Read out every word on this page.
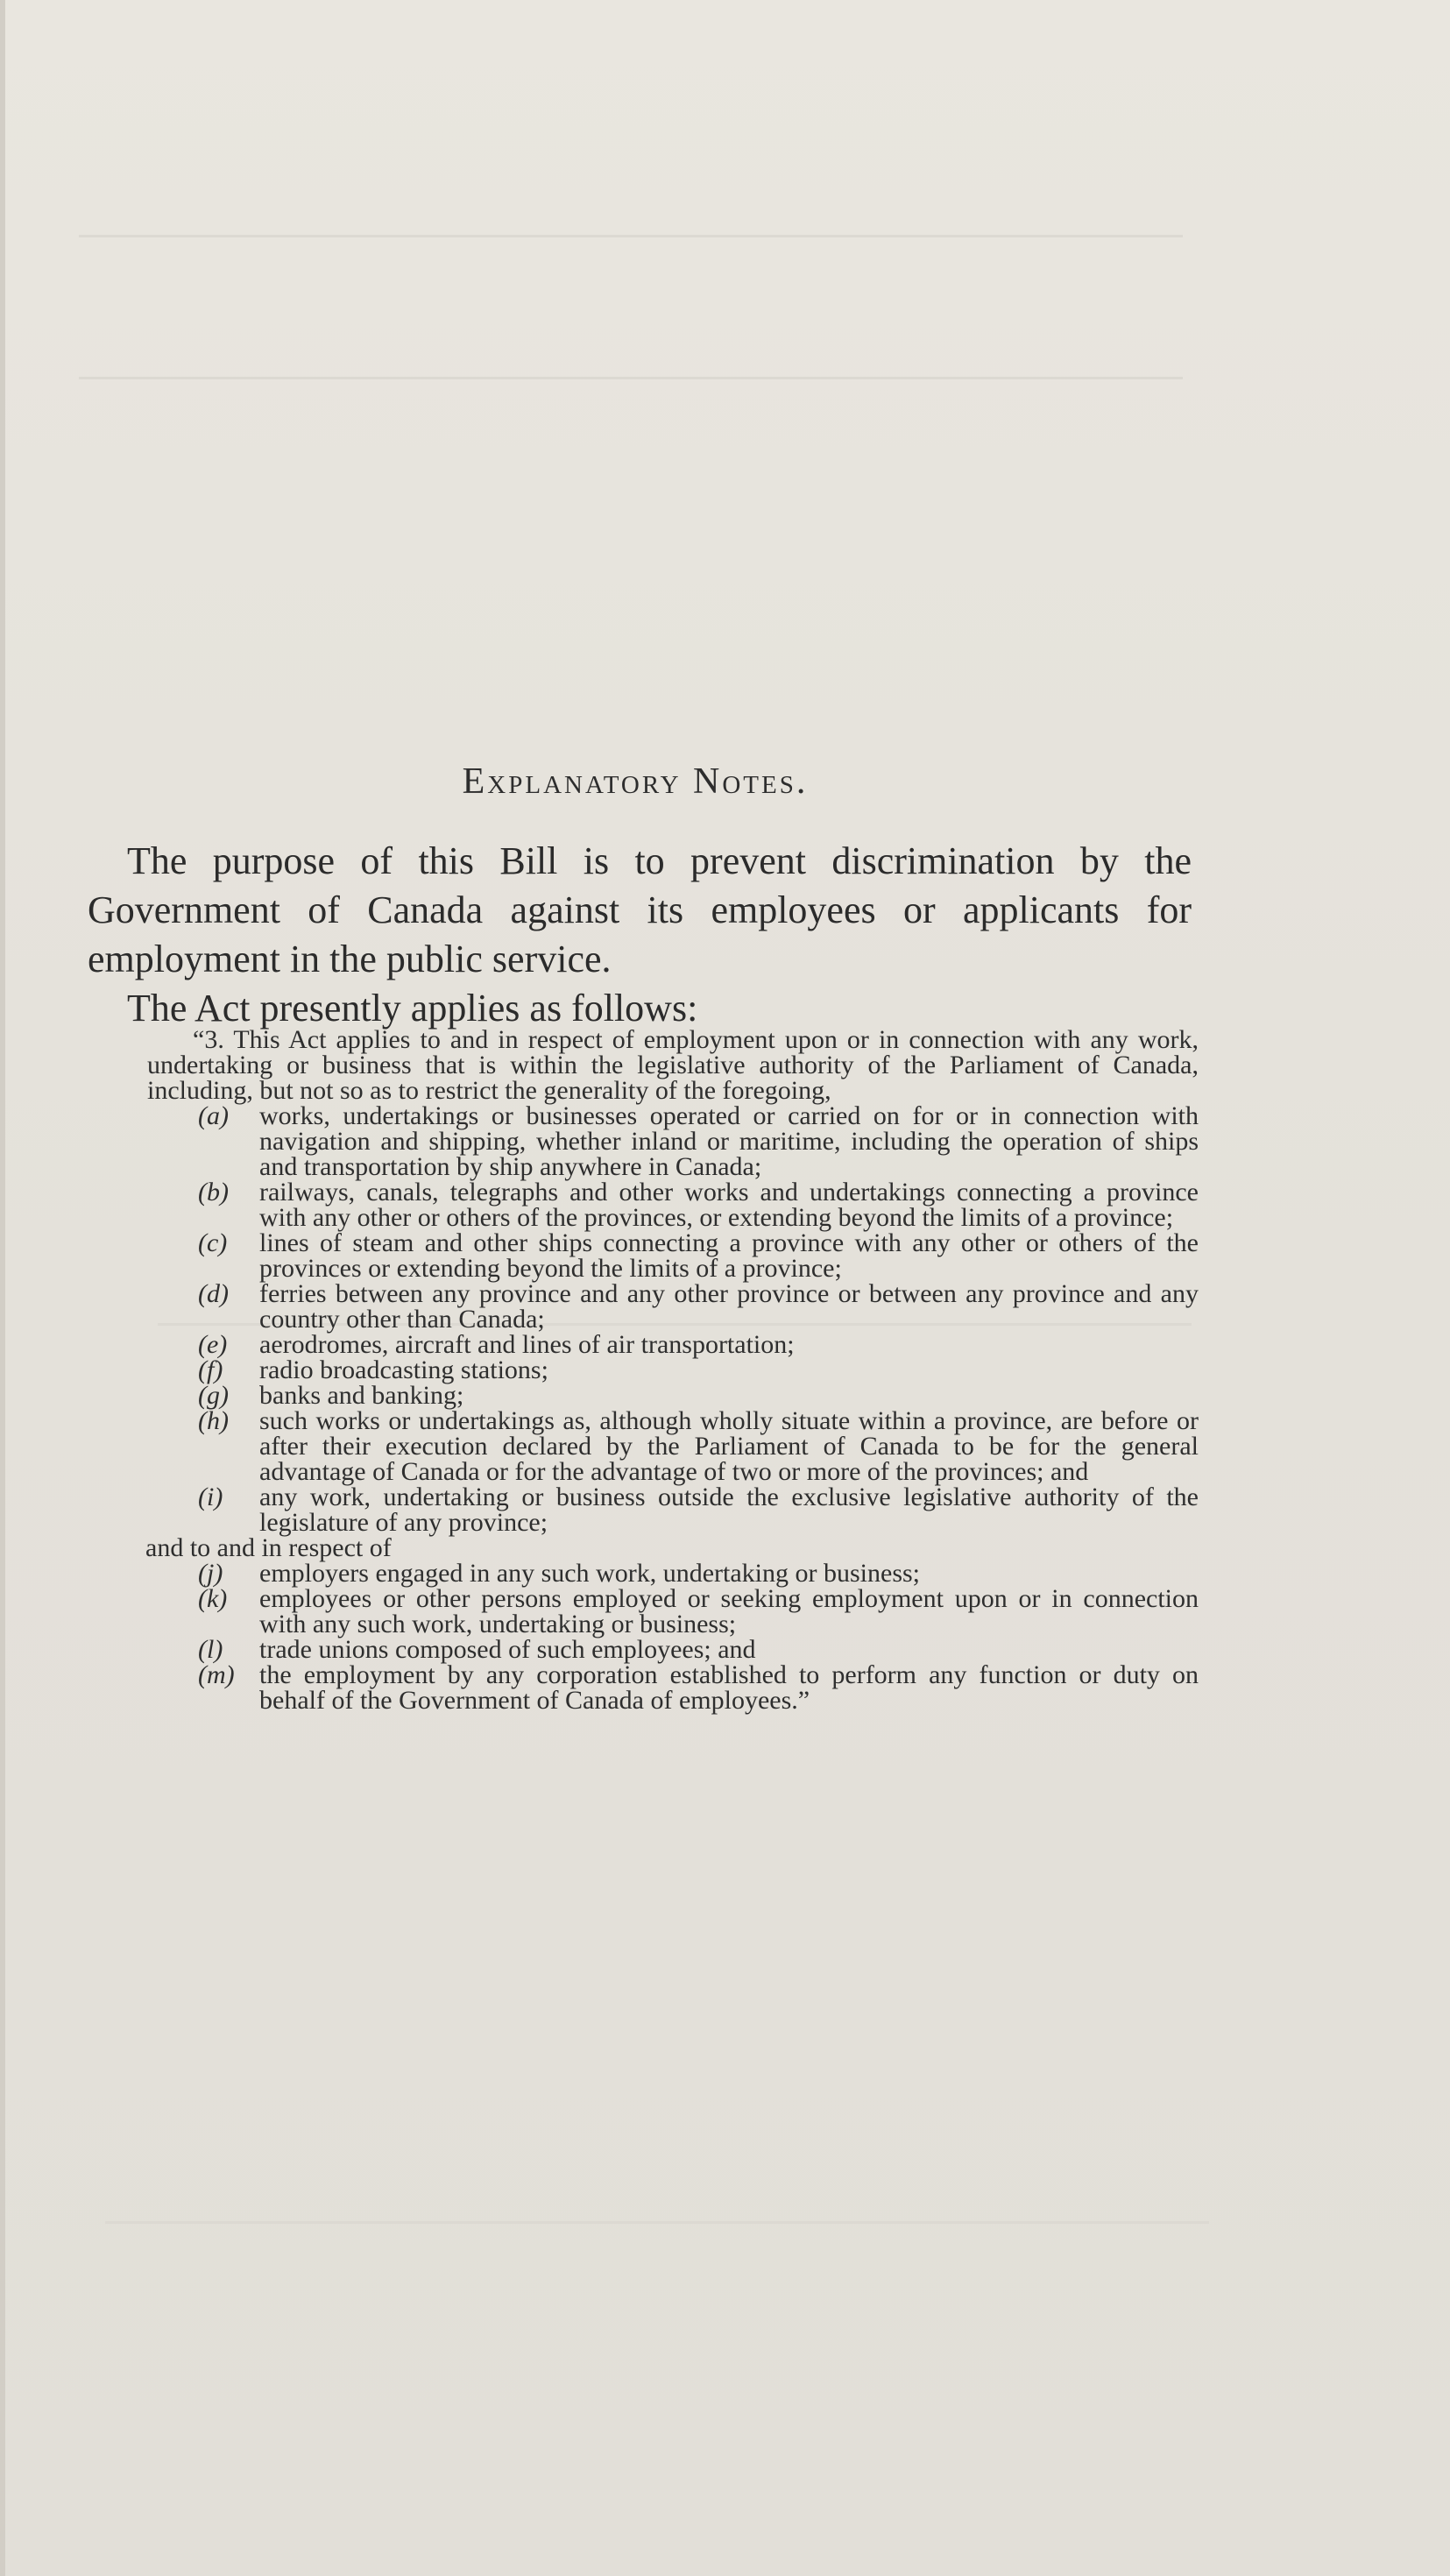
Explanatory Notes.

The purpose of this Bill is to prevent discrimination by the Government of Canada against its employees or applicants for employment in the public service.

The Act presently applies as follows:

“3. This Act applies to and in respect of employment upon or in connection with any work, undertaking or business that is within the legislative authority of the Parliament of Canada, including, but not so as to restrict the generality of the foregoing,

(a)	works, undertakings or businesses operated or carried on for or in connection with navigation and shipping, whether inland or maritime, including the operation of ships and transportation by ship anywhere in Canada;
(b)	railways, canals, telegraphs and other works and undertakings connecting a province with any other or others of the provinces, or extending beyond the limits of a province;
(c)	lines of steam and other ships connecting a province with any other or others of the provinces or extending beyond the limits of a province;
(d)	ferries between any province and any other province or between any province and any country other than Canada;
(e)	aerodromes, aircraft and lines of air transportation;
(f)	radio broadcasting stations;
(g)	banks and banking;
(h)	such works or undertakings as, although wholly situate within a province, are before or after their execution declared by the Parliament of Canada to be for the general advantage of Canada or for the advantage of two or more of the provinces; and
(i)	any work, undertaking or business outside the exclusive legislative authority of the legislature of any province;

and to and in respect of

(j)	employers engaged in any such work, undertaking or business;
(k)	employees or other persons employed or seeking employment upon or in connection with any such work, undertaking or business;
(l)	trade unions composed of such employees; and
(m) the employment by any corporation established to perform any function or duty on behalf of the Government of Canada of employees.”
